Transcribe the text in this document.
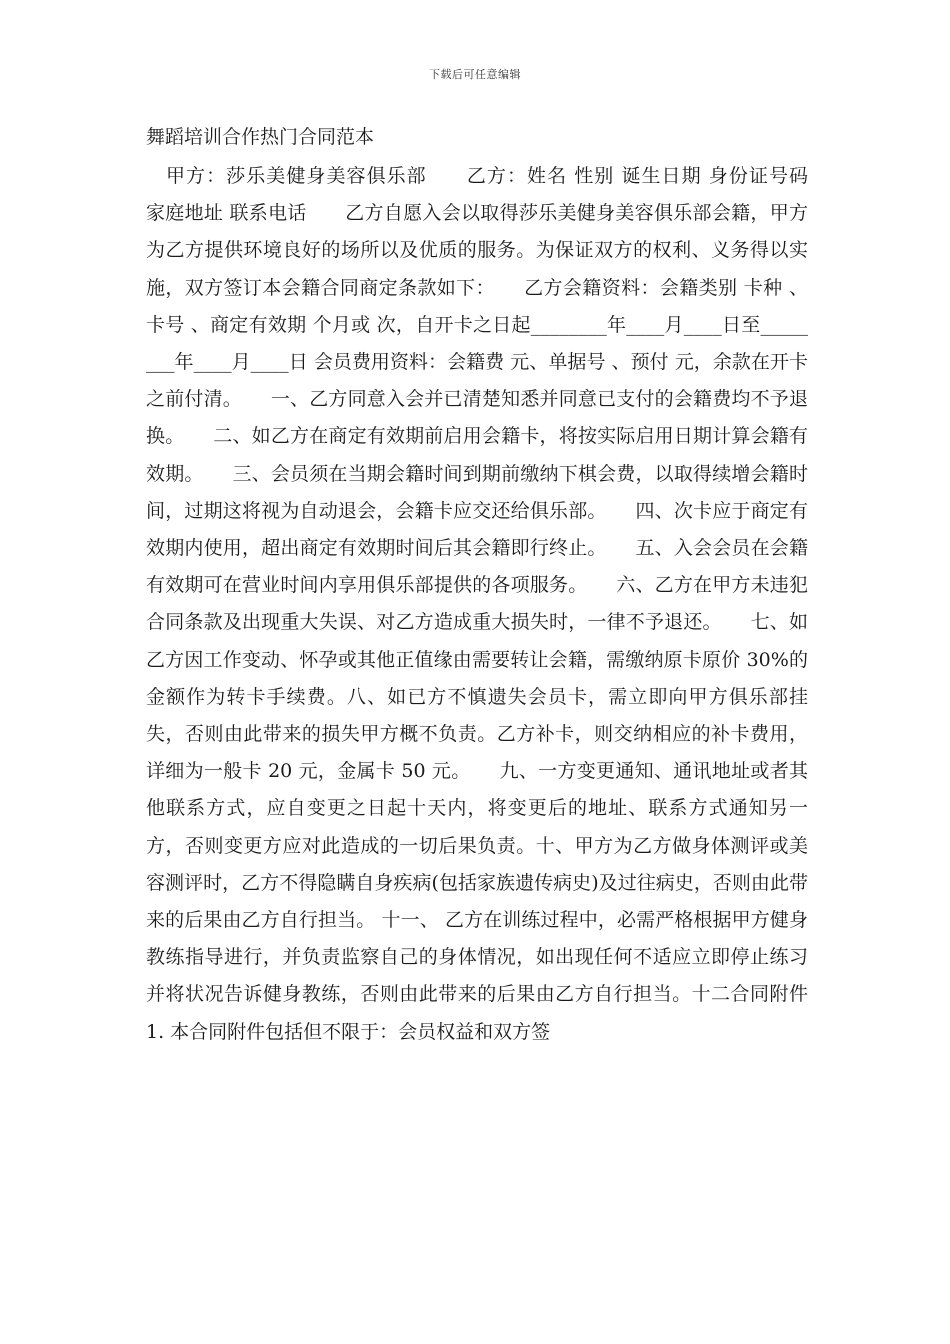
下载后可任意编辑
舞蹈培训合作热门合同范本
甲方：莎乐美健身美容俱乐部　　乙方：姓名 性别 诞生日期 身份证号码　　家庭地址 联系电话　　乙方自愿入会以取得莎乐美健身美容俱乐部会籍，甲方为乙方提供环境良好的场所以及优质的服务。为保证双方的权利、义务得以实施，双方签订本会籍合同商定条款如下：　　乙方会籍资料：会籍类别 卡种 、卡号 、商定有效期 个月或 次，自开卡之日起________年____月____日至________年____月____日 会员费用资料：会籍费 元、单据号 、预付 元，余款在开卡之前付清。　　一、乙方同意入会并已清楚知悉并同意已支付的会籍费均不予退换。　　二、如乙方在商定有效期前启用会籍卡，将按实际启用日期计算会籍有效期。　　三、会员须在当期会籍时间到期前缴纳下棋会费，以取得续增会籍时间，过期这将视为自动退会，会籍卡应交还给俱乐部。　　四、次卡应于商定有效期内使用，超出商定有效期时间后其会籍即行终止。　　五、入会会员在会籍有效期可在营业时间内享用俱乐部提供的各项服务。　　六、乙方在甲方未违犯合同条款及出现重大失误、对乙方造成重大损失时，一律不予退还。　　七、如乙方因工作变动、怀孕或其他正值缘由需要转让会籍，需缴纳原卡原价 30%的金额作为转卡手续费。八、如已方不慎遗失会员卡，需立即向甲方俱乐部挂失，否则由此带来的损失甲方概不负责。乙方补卡，则交纳相应的补卡费用，详细为一般卡 20 元，金属卡 50 元。　　九、一方变更通知、通讯地址或者其他联系方式，应自变更之日起十天内，将变更后的地址、联系方式通知另一方，否则变更方应对此造成的一切后果负责。十、甲方为乙方做身体测评或美容测评时，乙方不得隐瞒自身疾病(包括家族遗传病史)及过往病史，否则由此带来的后果由乙方自行担当。 十一、 乙方在训练过程中，必需严格根据甲方健身教练指导进行，并负责监察自己的身体情况，如出现任何不适应立即停止练习并将状况告诉健身教练，否则由此带来的后果由乙方自行担当。十二合同附件　　1. 本合同附件包括但不限于：会员权益和双方签
